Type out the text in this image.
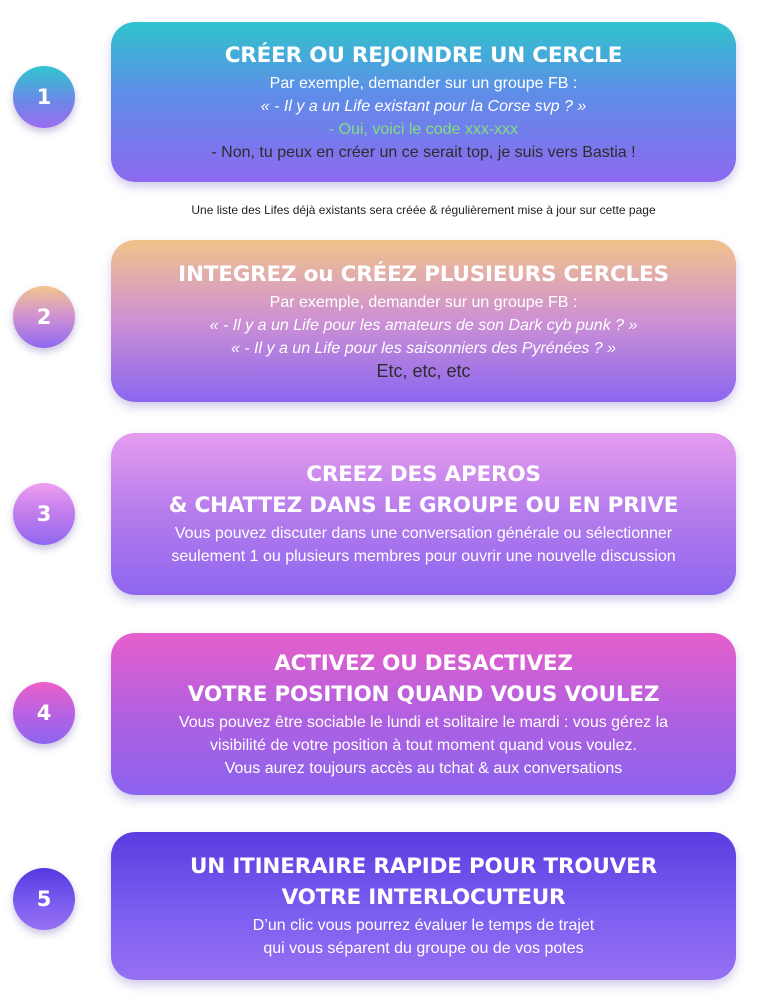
1
CRÉER OU REJOINDRE UN CERCLE
Par exemple, demander sur un groupe FB :
« - Il y a un Life existant pour la Corse svp ? »
- Oui, voici le code xxx-xxx
- Non, tu peux en créer un ce serait top, je suis vers Bastia !
Une liste des Lifes déjà existants sera créée & régulièrement mise à jour sur cette page
2
INTEGREZ ou CRÉEZ PLUSIEURS CERCLES
Par exemple, demander sur un groupe FB :
« - Il y a un Life pour les amateurs de son Dark cyb punk ? »
« - Il y a un Life pour les saisonniers des Pyrénées ? »
Etc, etc, etc
3
CREEZ DES APEROS
& CHATTEZ DANS LE GROUPE OU EN PRIVE
Vous pouvez discuter dans une conversation générale ou sélectionner
seulement 1 ou plusieurs membres pour ouvrir une nouvelle discussion
4
ACTIVEZ OU DESACTIVEZ
VOTRE POSITION QUAND VOUS VOULEZ
Vous pouvez être sociable le lundi et solitaire le mardi : vous gérez la
visibilité de votre position à tout moment quand vous voulez.
Vous aurez toujours accès au tchat & aux conversations
5
UN ITINERAIRE RAPIDE POUR TROUVER
VOTRE INTERLOCUTEUR
D’un clic vous pourrez évaluer le temps de trajet
qui vous séparent du groupe ou de vos potes
